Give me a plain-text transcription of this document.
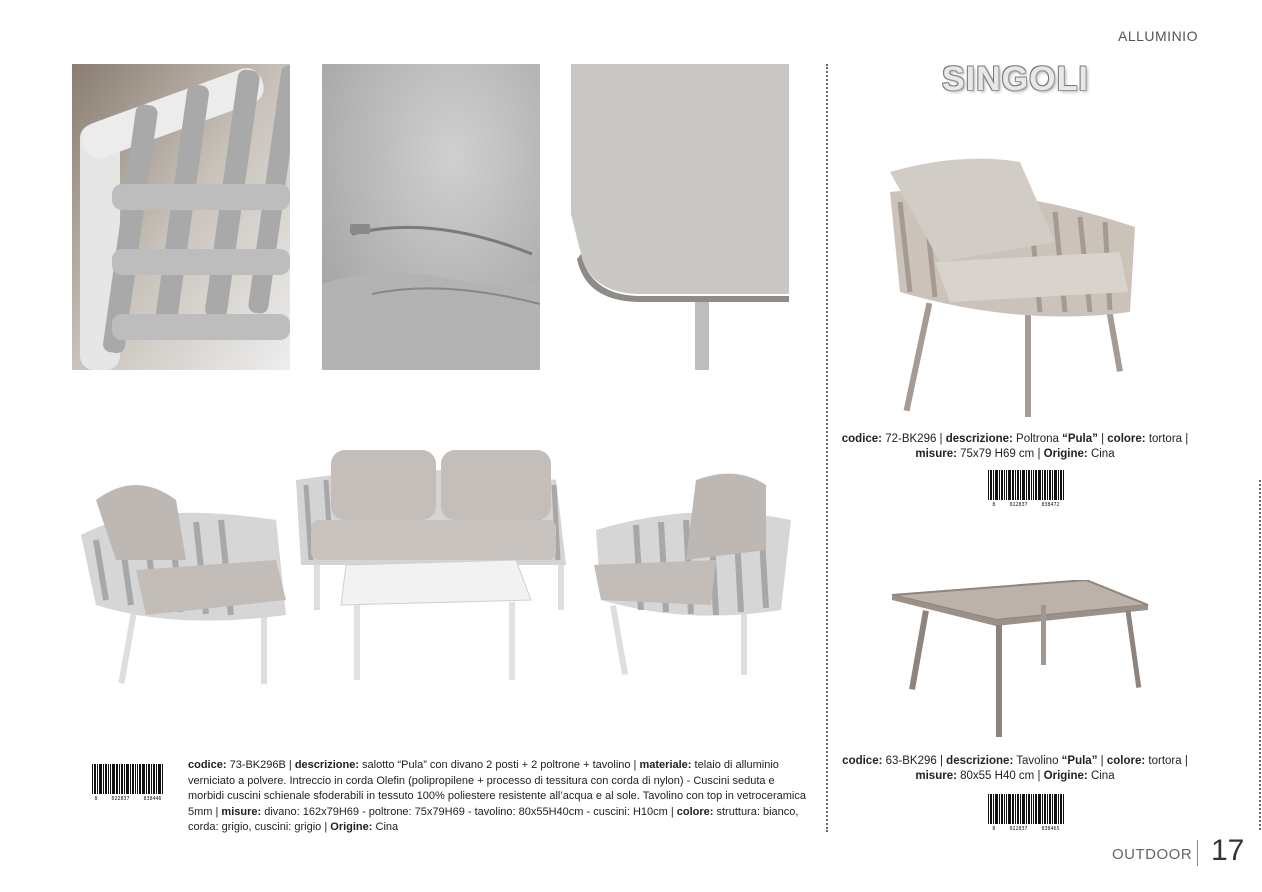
ALLUMINIO
SINGOLI
codice: 72-BK296 | descrizione: Poltrona “Pula” | colore: tortora | misure: 75x79 H69 cm | Origine: Cina
8	022837	838472
codice: 63-BK296 | descrizione: Tavolino “Pula” | colore: tortora | misure: 80x55 H40 cm | Origine: Cina
8	022837	838465
8	022837	838446
codice: 73-BK296B | descrizione: salotto “Pula” con divano 2 posti + 2 poltrone + tavolino | materiale: telaio di alluminio verniciato a polvere. Intreccio in corda Olefin (polipropilene + processo di tessitura con corda di nylon) - Cuscini seduta e morbidi cuscini schienale sfoderabili in tessuto 100% poliestere resistente all’acqua e al sole. Tavolino con top in vetroceramica 5mm | misure: divano: 162x79H69 - poltrone: 75x79H69 - tavolino: 80x55H40cm - cuscini: H10cm | colore: struttura: bianco, corda: grigio, cuscini: grigio | Origine: Cina
OUTDOOR 17
